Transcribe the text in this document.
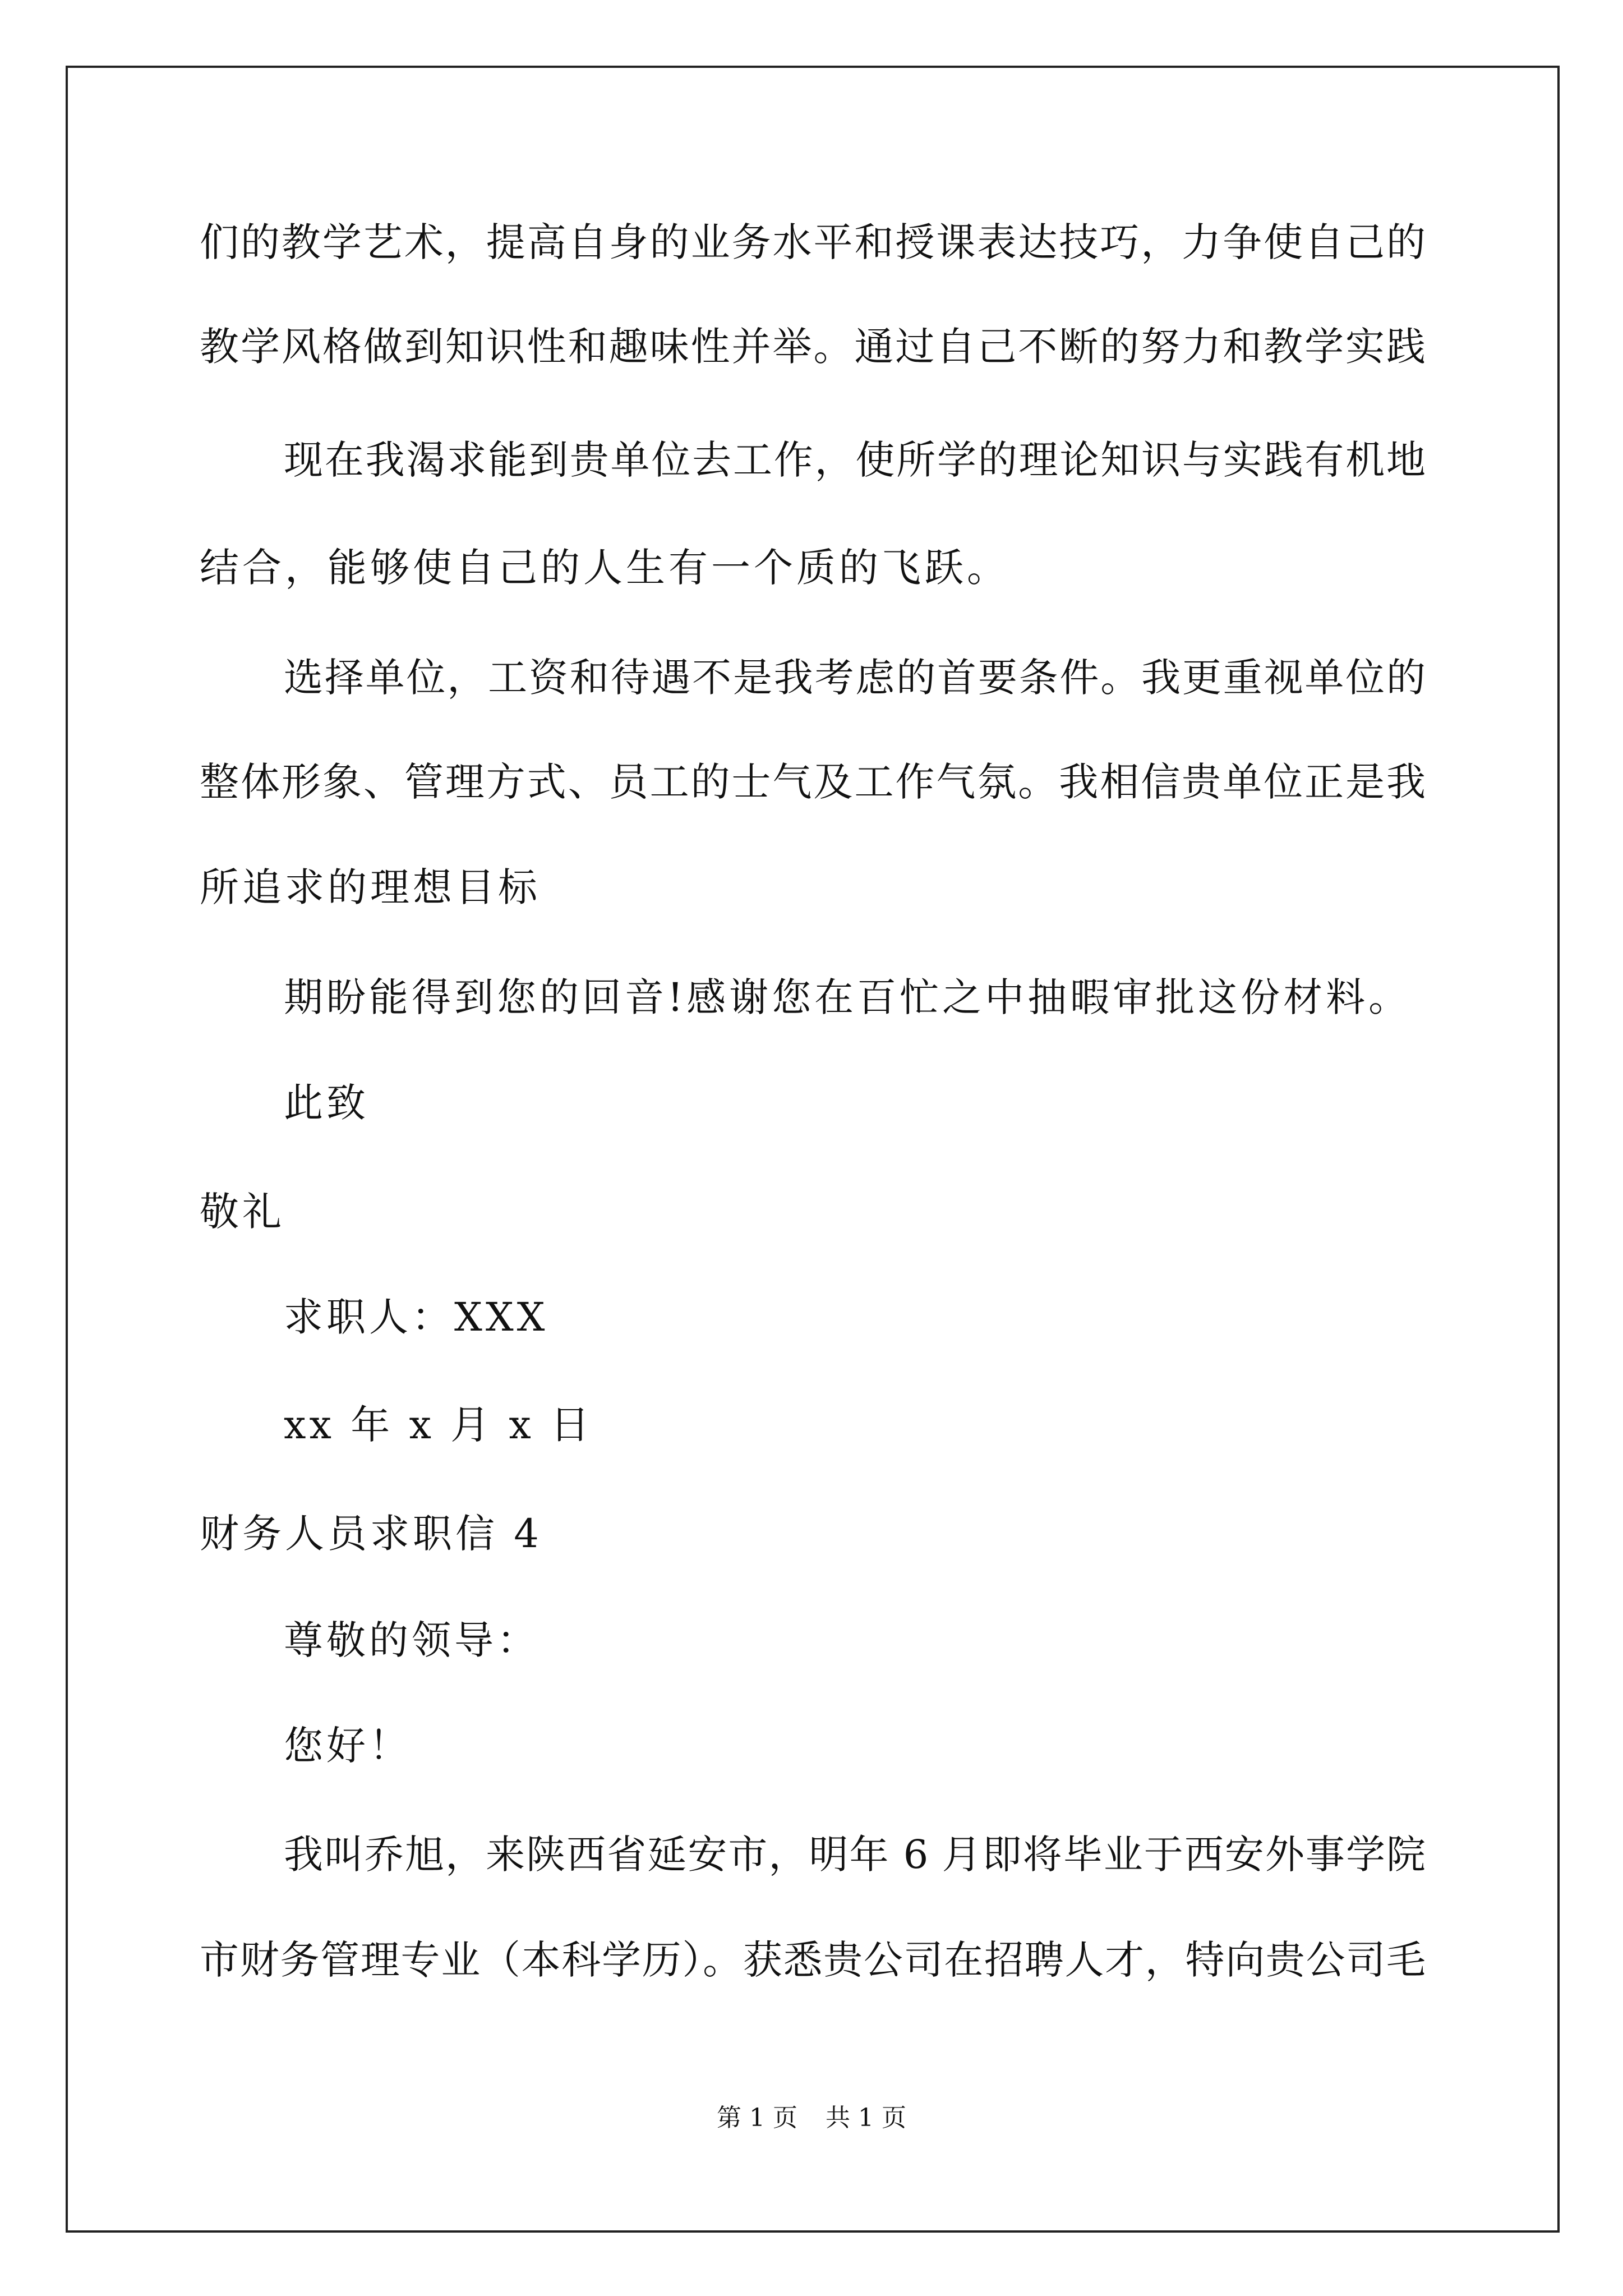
们的教学艺术，提高自身的业务水平和授课表达技巧，力争使自己的
教学风格做到知识性和趣味性并举。通过自己不断的努力和教学实践
现在我渴求能到贵单位去工作，使所学的理论知识与实践有机地
结合，能够使自己的人生有一个质的飞跃。
选择单位，工资和待遇不是我考虑的首要条件。我更重视单位的
整体形象、管理方式、员工的士气及工作气氛。我相信贵单位正是我
所追求的理想目标
期盼能得到您的回音!感谢您在百忙之中抽暇审批这份材料。
此致
敬礼
求职人：XXX
xx 年 x 月 x 日
财务人员求职信 4
尊敬的领导：
您好！
我叫乔旭，来陕西省延安市，明年 6 月即将毕业于西安外事学院
市财务管理专业（本科学历）。获悉贵公司在招聘人才，特向贵公司毛
第 1 页 共 1 页
